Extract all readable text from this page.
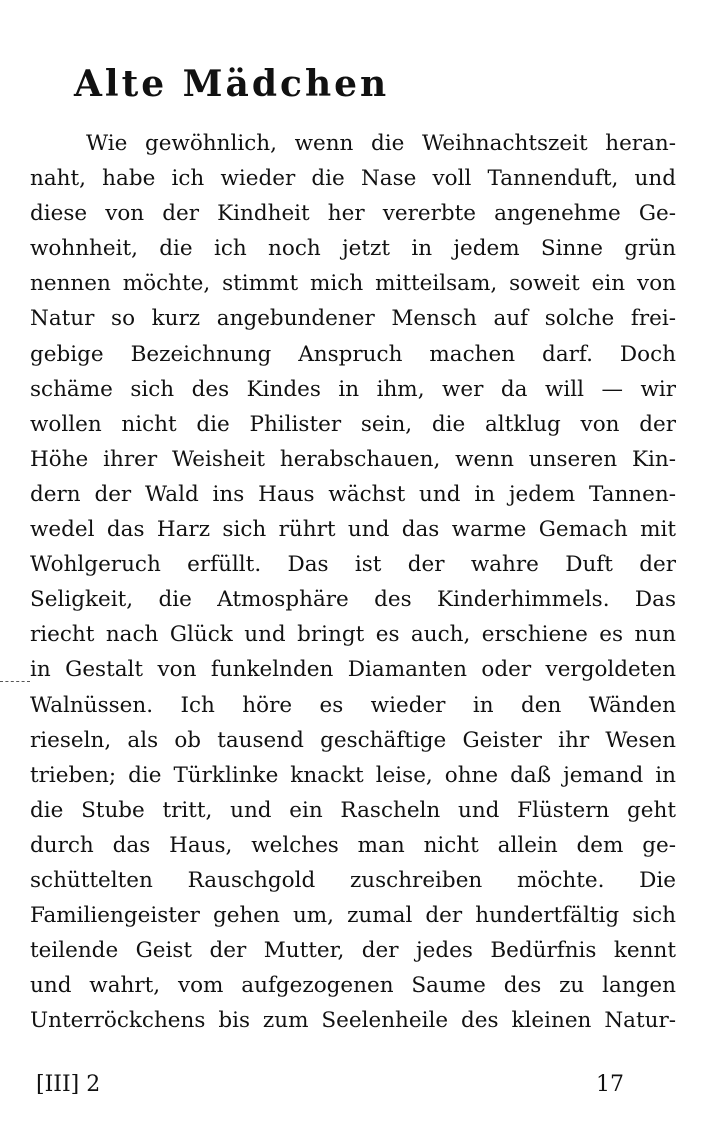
Alte Mädchen
Wie gewöhnlich, wenn die Weihnachtszeit heran-
naht, habe ich wieder die Nase voll Tannenduft, und
diese von der Kindheit her vererbte angenehme Ge-
wohnheit, die ich noch jetzt in jedem Sinne grün
nennen möchte, stimmt mich mitteilsam, soweit ein von
Natur so kurz angebundener Mensch auf solche frei-
gebige Bezeichnung Anspruch machen darf. Doch
schäme sich des Kindes in ihm, wer da will — wir
wollen nicht die Philister sein, die altklug von der
Höhe ihrer Weisheit herabschauen, wenn unseren Kin-
dern der Wald ins Haus wächst und in jedem Tannen-
wedel das Harz sich rührt und das warme Gemach mit
Wohlgeruch erfüllt. Das ist der wahre Duft der
Seligkeit, die Atmosphäre des Kinderhimmels. Das
riecht nach Glück und bringt es auch, erschiene es nun
in Gestalt von funkelnden Diamanten oder vergoldeten
Walnüssen. Ich höre es wieder in den Wänden
rieseln, als ob tausend geschäftige Geister ihr Wesen
trieben; die Türklinke knackt leise, ohne daß jemand in
die Stube tritt, und ein Rascheln und Flüstern geht
durch das Haus, welches man nicht allein dem ge-
schüttelten Rauschgold zuschreiben möchte. Die
Familiengeister gehen um, zumal der hundertfältig sich
teilende Geist der Mutter, der jedes Bedürfnis kennt
und wahrt, vom aufgezogenen Saume des zu langen
Unterröckchens bis zum Seelenheile des kleinen Natur-
[III] 2	17
